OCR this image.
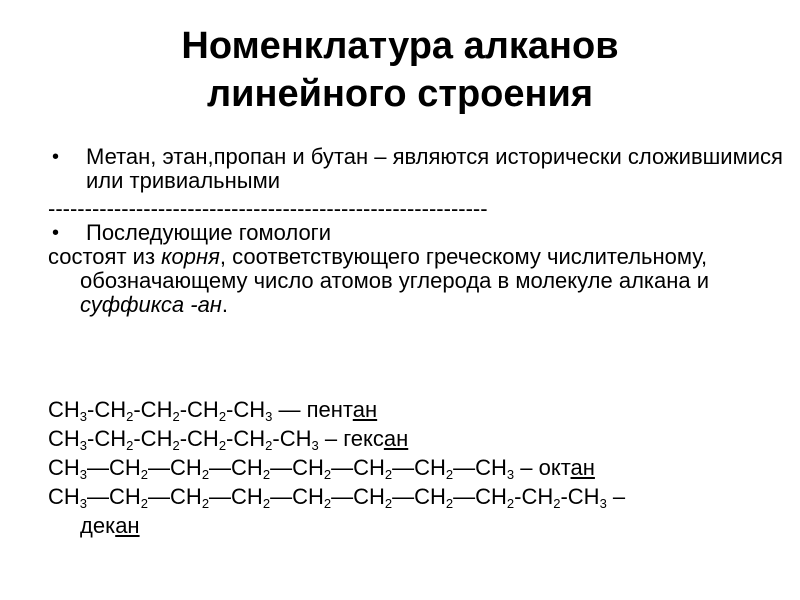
Номенклатура алканов
линейного строения
•	Метан, этан,пропан и бутан – являются исторически сложившимися или тривиальными
------------------------------------------------------------
•	Последующие гомологи
состоят из корня, соответствующего греческому числительному, обозначающему число атомов углерода в молекуле алкана и суффикса -ан.
$CH_3-CH_2-CH_2-CH_2-CH_3$ — пентан
$CH_3-CH_2-CH_2-CH_2-CH_2-CH_3$ – гексан
$CH_3—CH_2—CH_2—CH_2—CH_2—CH_2—CH_2—CH_3$ – октан
$CH_3—CH_2—CH_2—CH_2—CH_2—CH_2—CH_2—CH_2-CH_2-CH_3$ –
декан
